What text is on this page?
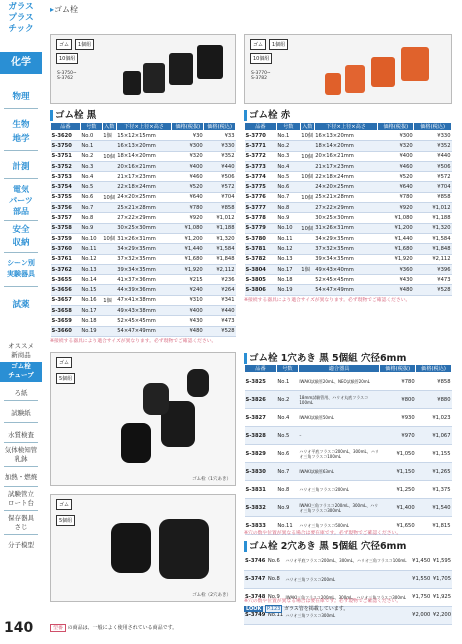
ガラス
プラス
チック
化学
物理
生物
地学
計測
電気
パーツ
部品
安全
収納
シーン別
実験器具
試薬
オススメ
新商品
ゴム栓
チューブ
ろ紙
試験紙
水質検査
気体検知管
乳鉢
加熱・燃焼
試験管立
ロート台
保存器具
さじ
分子模型
▸ゴム栓
ゴム	1個組
10個組
S-3750~
S-3762
ゴム	1個組
10個組
S-3770~
S-3782
ゴム栓 黒
品番	号数	入数	下径×上径×高さ	価格(税抜)	価格(税込)
S-3620	No.0	1個	15×12×15mm	¥30	¥33
S-3750	No.1		16×13×20mm	¥300	¥330
S-3751	No.2	10個	18×14×20mm	¥320	¥352
S-3752	No.3		20×16×21mm	¥400	¥440
S-3753	No.4		21×17×23mm	¥460	¥506
S-3754	No.5		22×18×24mm	¥520	¥572
S-3755	No.6	10個	24×20×25mm	¥640	¥704
S-3756	No.7		25×21×28mm	¥780	¥858
S-3757	No.8		27×22×29mm	¥920	¥1,012
S-3758	No.9		30×25×30mm	¥1,080	¥1,188
S-3759	No.10	10個	31×26×31mm	¥1,200	¥1,320
S-3760	No.11		34×29×35mm	¥1,440	¥1,584
S-3761	No.12		37×32×35mm	¥1,680	¥1,848
S-3762	No.13		39×34×35mm	¥1,920	¥2,112
S-3655	No.14		41×37×36mm	¥215	¥236
S-3656	No.15		44×39×36mm	¥240	¥264
S-3657	No.16	1個	47×41×38mm	¥310	¥341
S-3658	No.17		49×43×38mm	¥400	¥440
S-3659	No.18		52×45×45mm	¥430	¥473
S-3660	No.19		54×47×49mm	¥480	¥528
※接続する器具により適合サイズが異なります。必ず現物でご確認ください。
ゴム栓 赤
品番	号数	入数	下径×上径×高さ	価格(税抜)	価格(税込)
S-3770	No.1	10個	16×13×20mm	¥300	¥330
S-3771	No.2		18×14×20mm	¥320	¥352
S-3772	No.3	10個	20×16×21mm	¥400	¥440
S-3773	No.4		21×17×23mm	¥460	¥506
S-3774	No.5	10個	22×18×24mm	¥520	¥572
S-3775	No.6		24×20×25mm	¥640	¥704
S-3776	No.7	10個	25×21×28mm	¥780	¥858
S-3777	No.8		27×22×29mm	¥920	¥1,012
S-3778	No.9		30×25×30mm	¥1,080	¥1,188
S-3779	No.10	10個	31×26×31mm	¥1,200	¥1,320
S-3780	No.11		34×29×35mm	¥1,440	¥1,584
S-3781	No.12		37×32×35mm	¥1,680	¥1,848
S-3782	No.13		39×34×35mm	¥1,920	¥2,112
S-3804	No.17	1個	49×43×40mm	¥360	¥396
S-3805	No.18		52×45×45mm	¥430	¥473
S-3806	No.19		54×47×49mm	¥480	¥528
※接続する器具により適合サイズが異なります。必ず現物でご確認ください。
ゴム
5個組
ゴム栓（1穴あき）
ゴム
5個組
ゴム栓（2穴あき）
ゴム栓 1穴あき 黒 5個組 穴径6mm
品番	号数	適合器具	価格(税抜)	価格(税込)
S-3825	No.1	IWAKI試験管20mL、NEO試験管20mL	¥780	¥858
S-3826	No.2	18mm試験管用、ハリオ丸底フラスコ100mL	¥800	¥880
S-3827	No.4	IWAKI試験管50mL	¥930	¥1,023
S-3828	No.5	–	¥970	¥1,067
S-3829	No.6	ハリオ平底フラスコ200mL、300mL、ハリオ三角フラスコ100mL	¥1,050	¥1,155
S-3830	No.7	IWAKI試験管63mL	¥1,150	¥1,265
S-3831	No.8	ハリオ三角フラスコ200mL	¥1,250	¥1,375
S-3832	No.9	IWAKI三角フラスコ200mL、300mL、ハリオ三角フラスコ300mL	¥1,400	¥1,540
S-3833	No.11	ハリオ三角フラスコ500mL	¥1,650	¥1,815
※穴の数や位置が異なる場合は要在庫です。必ず現物でご確認ください。
ゴム栓 2穴あき 黒 5個組 穴径6mm
S-3746	No.6	ハリオ平底フラスコ200mL、300mL、ハリオ三角フラスコ100mL	¥1,450	¥1,595
S-3747	No.8	ハリオ三角フラスコ200mL	¥1,550	¥1,705
S-3748	No.9	IWAKI三角フラスコ200mL、300mL、ハリオ三角フラスコ300mL	¥1,750	¥1,925
S-3749	No.11	ハリオ三角フラスコ300mL	¥2,000	¥2,200
※穴の数や位置が異なる場合は要在庫です。必ず現物でご確認ください。
LOOK P.123 ガラス管を掲載しています。
140	型番 の商品は、一般によく使用されている商品です。
